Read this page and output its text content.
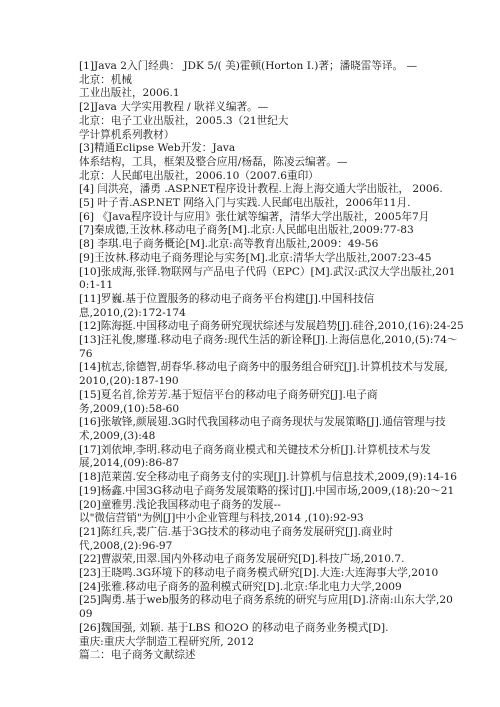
[1]Java 2入门经典： JDK 5/( 美)霍顿(Horton I.)著；潘晓雷等译。 —
北京：机械
工业出版社，2006.1
[2]Java 大学实用教程 / 耿祥义编著。—
北京：电子工业出版社，2005.3（21世纪大
学计算机系列教材）
[3]精通Eclipse Web开发：Java
体系结构，工具，框架及整合应用/杨磊，陈凌云编著。—
北京：人民邮电出版社，2006.10（2007.6重印）
[4] 闫洪亮，潘勇 .ASP.NET程序设计教程.上海上海交通大学出版社， 2006.
[5] 叶子青.ASP.NET 网络入门与实践.人民邮电出版社，2006年11月.
[6] 《Java程序设计与应用》张仕斌等编著，清华大学出版社，2005年7月
[7]秦成德,王汝林.移动电子商务[M].北京:人民邮电出版社,2009:77-83
[8] 李琪.电子商务概论[M].北京:高等教育出版社,2009：49-56
[9]王汝林.移动电子商务理论与实务[M].北京:清华大学出版社,2007:23-45
[10]张成海,张铎.物联网与产品电子代码（EPC）[M].武汉:武汉大学出版社,201
0:1-11
[11]罗巍.基于位置服务的移动电子商务平台构建[J].中国科技信
息,2010,(2):172-174
[12]陈海挺.中国移动电子商务研究现状综述与发展趋势[J].硅谷,2010,(16):24-25
[13]汪礼俊,廖瑾.移动电子商务:现代生活的新诠释[J].上海信息化,2010,(5):74～
76
[14]杭志,徐德智,胡春华.移动电子商务中的服务组合研究[J].计算机技术与发展,
2010,(20):187-190
[15]夏名首,徐芳芳.基于短信平台的移动电子商务研究[J].电子商
务,2009,(10):58-60
[16]张敏锋,颜展翅.3G时代我国移动电子商务现状与发展策略[J].通信管理与技
术,2009,(3):48
[17]刘依坤,李明.移动电子商务商业模式和关键技术分析[J].计算机技术与发
展,2014,(09):86-87
[18]范莱茵.安全移动电子商务支付的实现[J].计算机与信息技术,2009,(9):14-16
[19]杨鑫.中国3G移动电子商务发展策略的探讨[J].中国市场,2009,(18):20～21
[20]童雅男.浅论我国移动电子商务的发展--
以"微信营销"为例[J]中小企业管理与科技,2014 ,(10):92-93
[21]陈红兵,裴广信.基于3G技术的移动电子商务发展研究[J].商业时
代,2008,(2):96-97
[22]曹淑荣,田翠.国内外移动电子商务发展研究[D].科技广场,2010.7.
[23]王晓鸣.3G环境下的移动电子商务模式研究[D].大连:大连海事大学,2010
[24]张雅.移动电子商务的盈利模式研究[D].北京:华北电力大学,2009
[25]陶勇.基于web服务的移动电子商务系统的研究与应用[D].济南:山东大学,20
09
[26]魏国强, 刘颖. 基于LBS 和O2O 的移动电子商务业务模式[D].
重庆:重庆大学制造工程研究所, 2012
篇二：电子商务文献综述
